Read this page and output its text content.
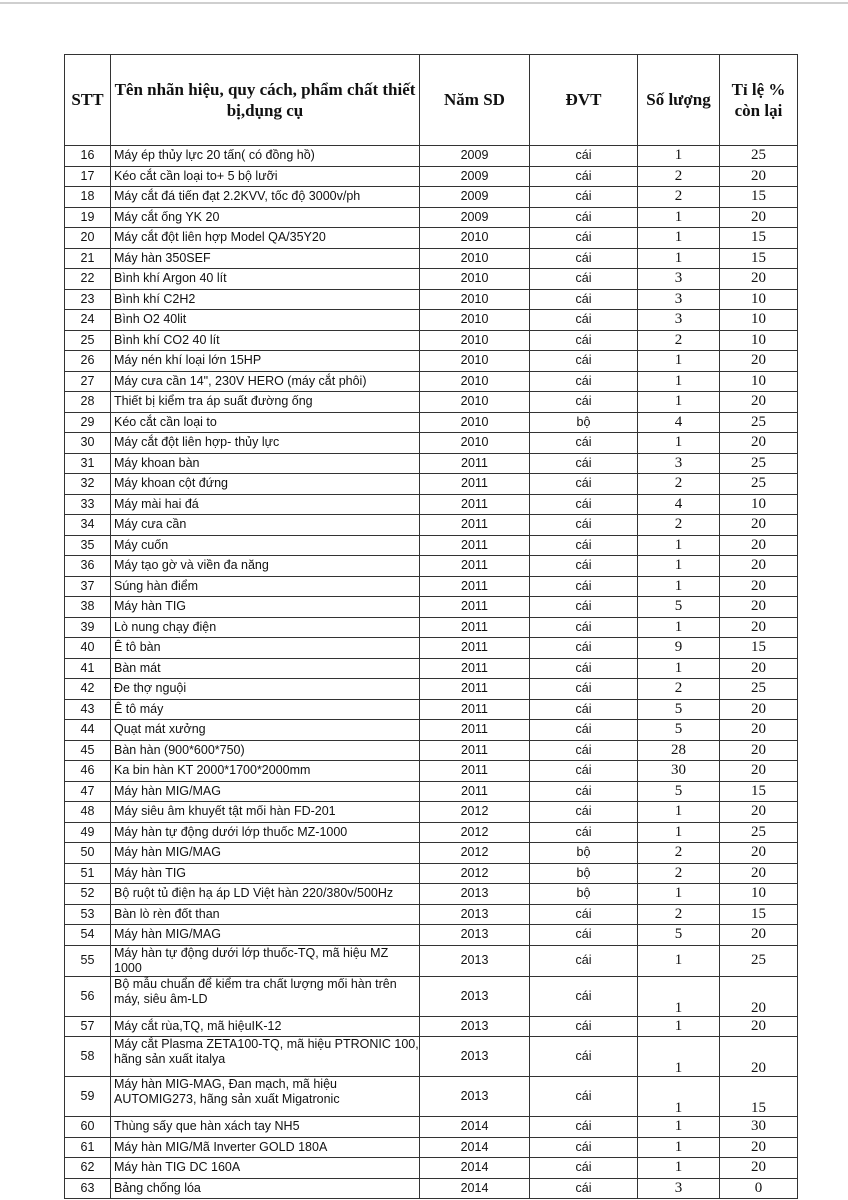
STT	Tên nhãn hiệu, quy cách, phẩm chất thiết bị,dụng cụ	Năm SD	ĐVT	Số lượng	Tỉ lệ % còn lại
16	Máy ép thủy lực 20 tấn( có đồng hồ)	2009	cái	1	25
17	Kéo cắt cần loại to+ 5 bộ lưỡi	2009	cái	2	20
18	Máy cắt đá tiến đạt 2.2KVV, tốc độ 3000v/ph	2009	cái	2	15
19	Máy cắt ống YK 20	2009	cái	1	20
20	Máy cắt đột liên hợp Model QA/35Y20	2010	cái	1	15
21	Máy hàn 350SEF	2010	cái	1	15
22	Bình khí Argon 40 lít	2010	cái	3	20
23	Bình khí C2H2	2010	cái	3	10
24	Bình O2 40lit	2010	cái	3	10
25	Bình khí CO2 40 lít	2010	cái	2	10
26	Máy nén khí loại lớn 15HP	2010	cái	1	20
27	Máy cưa cần 14", 230V HERO (máy cắt phôi)	2010	cái	1	10
28	Thiết bị kiểm tra áp suất đường ống	2010	cái	1	20
29	Kéo cắt cần loại to	2010	bộ	4	25
30	Máy cắt đột liên hợp- thủy lực	2010	cái	1	20
31	Máy khoan bàn	2011	cái	3	25
32	Máy khoan cột đứng	2011	cái	2	25
33	Máy mài hai đá	2011	cái	4	10
34	Máy cưa cần	2011	cái	2	20
35	Máy cuốn	2011	cái	1	20
36	Máy tạo gờ và viền đa năng	2011	cái	1	20
37	Súng hàn điểm	2011	cái	1	20
38	Máy hàn TIG	2011	cái	5	20
39	Lò nung chạy điện	2011	cái	1	20
40	Ê tô bàn	2011	cái	9	15
41	Bàn mát	2011	cái	1	20
42	Đe thợ nguội	2011	cái	2	25
43	Ê tô máy	2011	cái	5	20
44	Quạt mát xưởng	2011	cái	5	20
45	Bàn hàn (900*600*750)	2011	cái	28	20
46	Ka bin hàn KT 2000*1700*2000mm	2011	cái	30	20
47	Máy hàn MIG/MAG	2011	cái	5	15
48	Máy siêu âm khuyết tật mối hàn FD-201	2012	cái	1	20
49	Máy hàn tự động dưới lớp thuốc MZ-1000	2012	cái	1	25
50	Máy hàn MIG/MAG	2012	bộ	2	20
51	Máy hàn TIG	2012	bộ	2	20
52	Bộ ruột tủ điện hạ áp LD Việt hàn 220/380v/500Hz	2013	bộ	1	10
53	Bàn lò rèn đốt than	2013	cái	2	15
54	Máy hàn MIG/MAG	2013	cái	5	20
55	Máy hàn tự động dưới lớp thuốc-TQ, mã hiệu MZ 1000	2013	cái	1	25
56	Bộ mẫu chuẩn để kiểm tra chất lượng mối hàn trên máy, siêu âm-LD	2013	cái	1	20
57	Máy cắt rùa,TQ, mã hiệuIK-12	2013	cái	1	20
58	Máy cắt Plasma ZETA100-TQ, mã hiệu PTRONIC 100, hãng sản xuất italya	2013	cái	1	20
59	Máy hàn MIG-MAG, Đan mạch, mã hiệu AUTOMIG273, hãng sản xuất Migatronic	2013	cái	1	15
60	Thùng sấy que hàn xách tay NH5	2014	cái	1	30
61	Máy hàn MIG/Mã Inverter GOLD 180A	2014	cái	1	20
62	Máy hàn TIG DC 160A	2014	cái	1	20
63	Bảng chống lóa	2014	cái	3	0
